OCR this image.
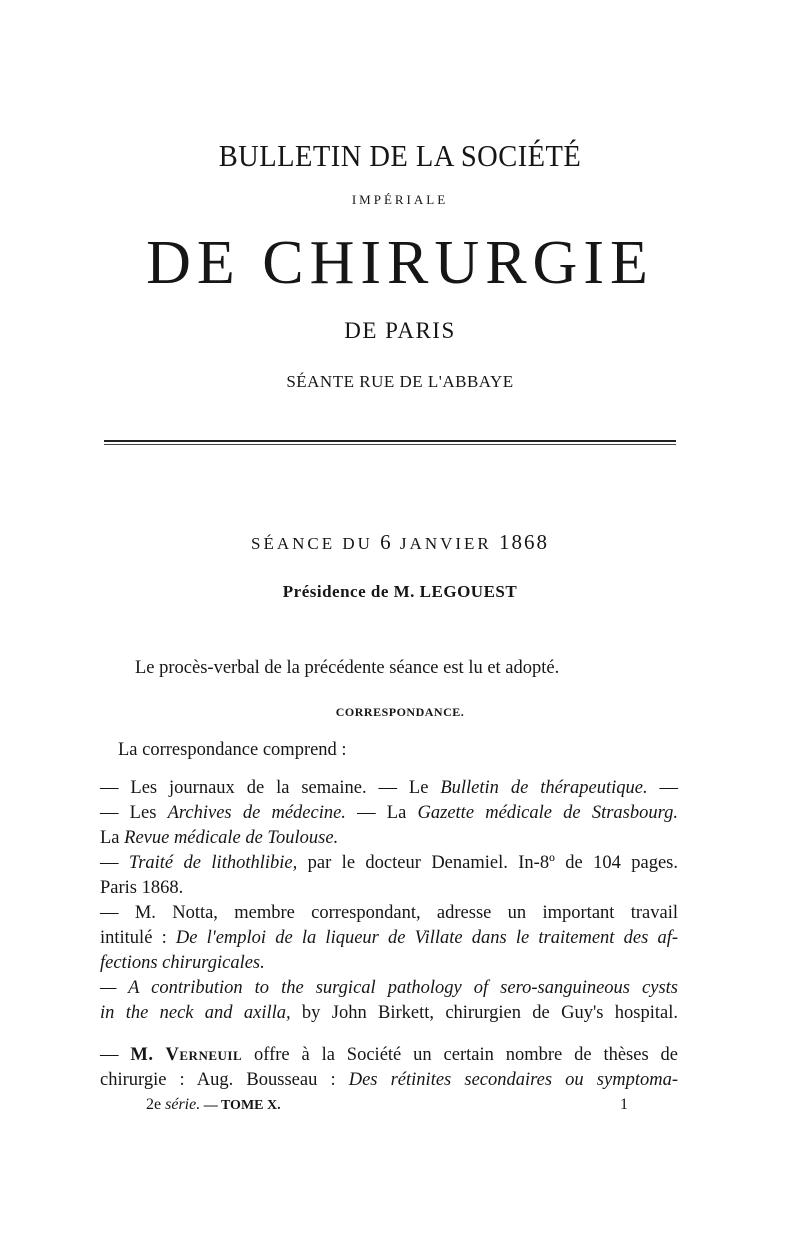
BULLETIN DE LA SOCIÉTÉ
IMPÉRIALE
DE CHIRURGIE
DE PARIS
SÉANTE RUE DE L'ABBAYE
SÉANCE DU 6 JANVIER 1868
Présidence de M. LEGOUEST
Le procès-verbal de la précédente séance est lu et adopté.
CORRESPONDANCE.
La correspondance comprend :
— Les journaux de la semaine. — Le Bulletin de thérapeutique. —
— Les Archives de médecine. — La Gazette médicale de Strasbourg.
La Revue médicale de Toulouse.
— Traité de lithothlibie, par le docteur Denamiel. In-8º de 104 pages.
Paris 1868.
— M. Notta, membre correspondant, adresse un important travail
intitulé : De l'emploi de la liqueur de Villate dans le traitement des af-
fections chirurgicales.
— A contribution to the surgical pathology of sero-sanguineous cysts
in the neck and axilla, by John Birkett, chirurgien de Guy's hospital.
— M. Verneuil offre à la Société un certain nombre de thèses de
chirurgie : Aug. Bousseau : Des rétinites secondaires ou symptoma-
2e série. — TOME X.	1
